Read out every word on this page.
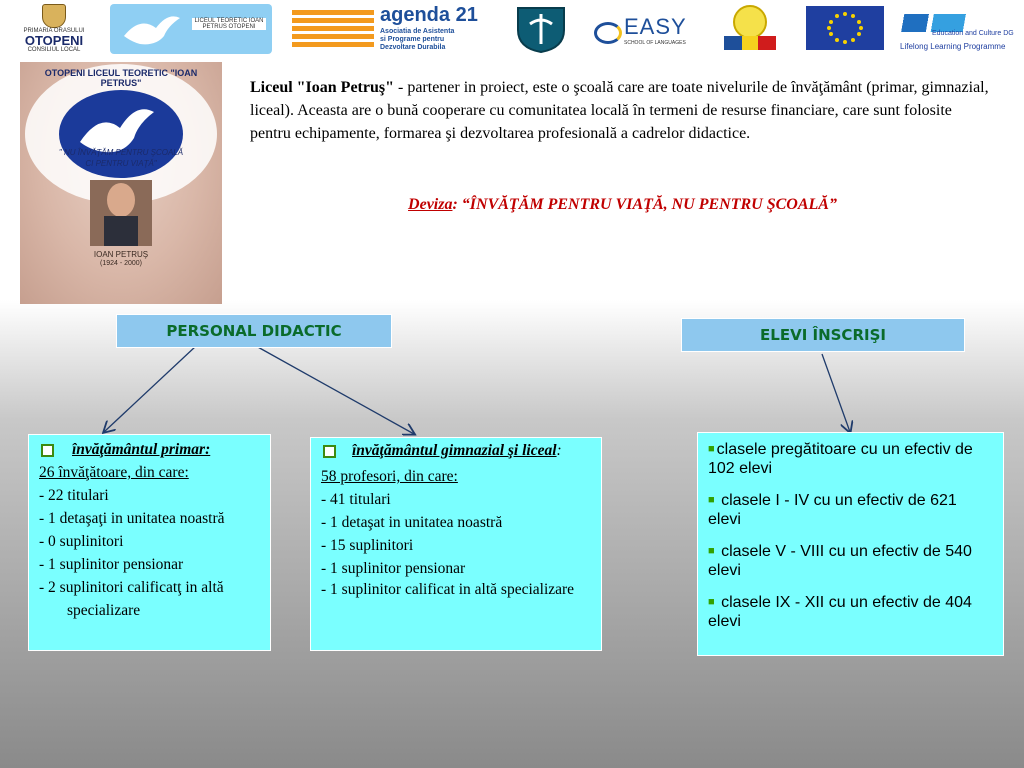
PRIMARIA ORASULUI
OTOPENI
CONSILIUL LOCAL
LICEUL TEORETIC IOAN PETRUS OTOPENI
agenda 21
Asociatia de Asistenta
si Programe pentru
Dezvoltare Durabila
EASY
SCHOOL OF LANGUAGES
Education and Culture DG
Lifelong Learning Programme
OTOPENI LICEUL TEORETIC "IOAN PETRUS"
" NU ÎNVĂŢĂM PENTRU ŞCOALĂ
CI PENTRU VIAŢĂ"
IOAN PETRUŞ
(1924 - 2000)
Liceul "Ioan Petruş" - partener in proiect, este o şcoală care are toate nivelurile de învăţământ (primar, gimnazial, liceal). Aceasta are o bună cooperare cu comunitatea locală în termeni de resurse financiare, care sunt folosite pentru echipamente, formarea şi dezvoltarea profesională a cadrelor didactice.
Deviza: “ÎNVĂŢĂM PENTRU VIAŢĂ, NU PENTRU ŞCOALĂ”
PERSONAL DIDACTIC	ELEVI ÎNSCRIŞI
învăţământul primar:
26 învăţătoare, din care:
- 22 titulari
- 1 detaşaţi in unitatea noastră
- 0 suplinitori
- 1 suplinitor pensionar
- 2 suplinitori calificatţ in altă specializare
învăţământul gimnazial şi liceal:
58 profesori, din care:
- 41 titulari
- 1 detaşat in unitatea noastră
- 15 suplinitori
- 1 suplinitor pensionar
- 1 suplinitor calificat in altă specializare
■ clasele pregătitoare cu un efectiv de 102 elevi
■ clasele I - IV cu un efectiv de 621 elevi
■ clasele V - VIII cu un efectiv de 540 elevi
■ clasele IX - XII cu un efectiv de 404 elevi
